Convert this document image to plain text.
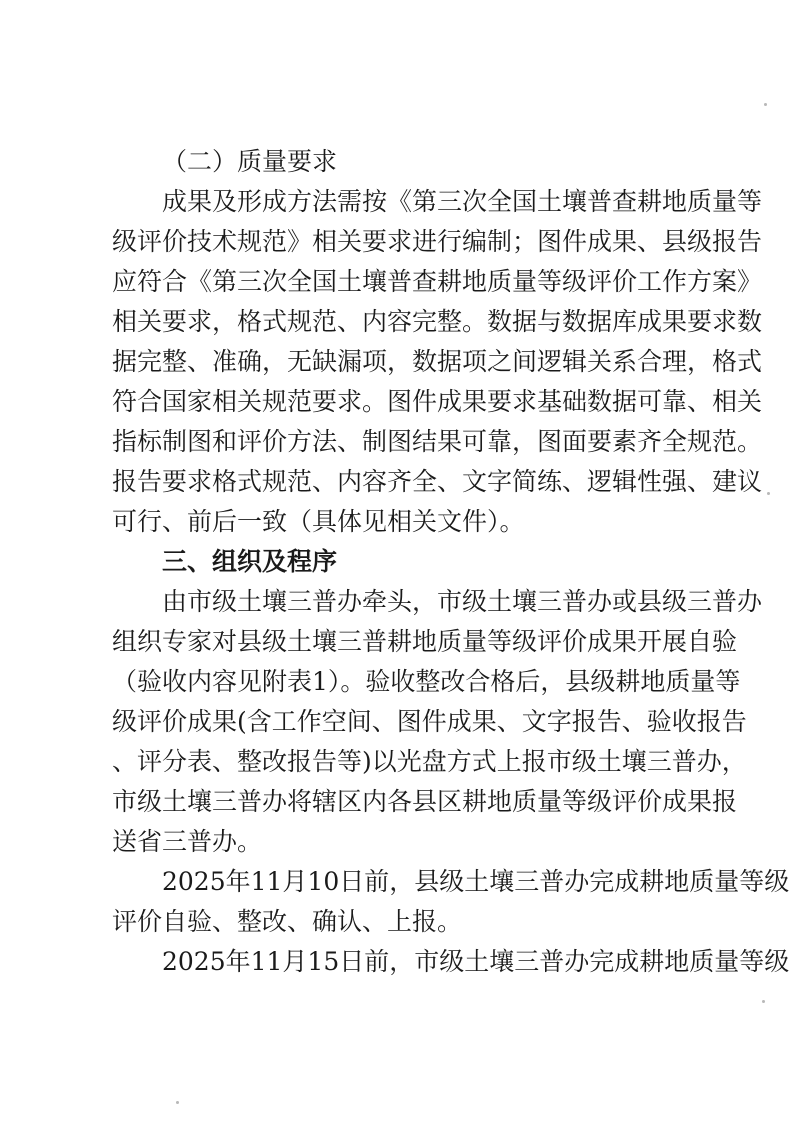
（二）质量要求
成果及形成方法需按《第三次全国土壤普查耕地质量等
级评价技术规范》相关要求进行编制；图件成果、县级报告
应符合《第三次全国土壤普查耕地质量等级评价工作方案》
相关要求，格式规范、内容完整。数据与数据库成果要求数
据完整、准确，无缺漏项，数据项之间逻辑关系合理，格式
符合国家相关规范要求。图件成果要求基础数据可靠、相关
指标制图和评价方法、制图结果可靠，图面要素齐全规范。
报告要求格式规范、内容齐全、文字简练、逻辑性强、建议
可行、前后一致（具体见相关文件）。
三、组织及程序
由市级土壤三普办牵头，市级土壤三普办或县级三普办
组织专家对县级土壤三普耕地质量等级评价成果开展自验
（验收内容见附表1）。验收整改合格后，县级耕地质量等
级评价成果(含工作空间、图件成果、文字报告、验收报告
、评分表、整改报告等)以光盘方式上报市级土壤三普办，
市级土壤三普办将辖区内各县区耕地质量等级评价成果报
送省三普办。
2025年11月10日前，县级土壤三普办完成耕地质量等级
评价自验、整改、确认、上报。
2025年11月15日前，市级土壤三普办完成耕地质量等级
